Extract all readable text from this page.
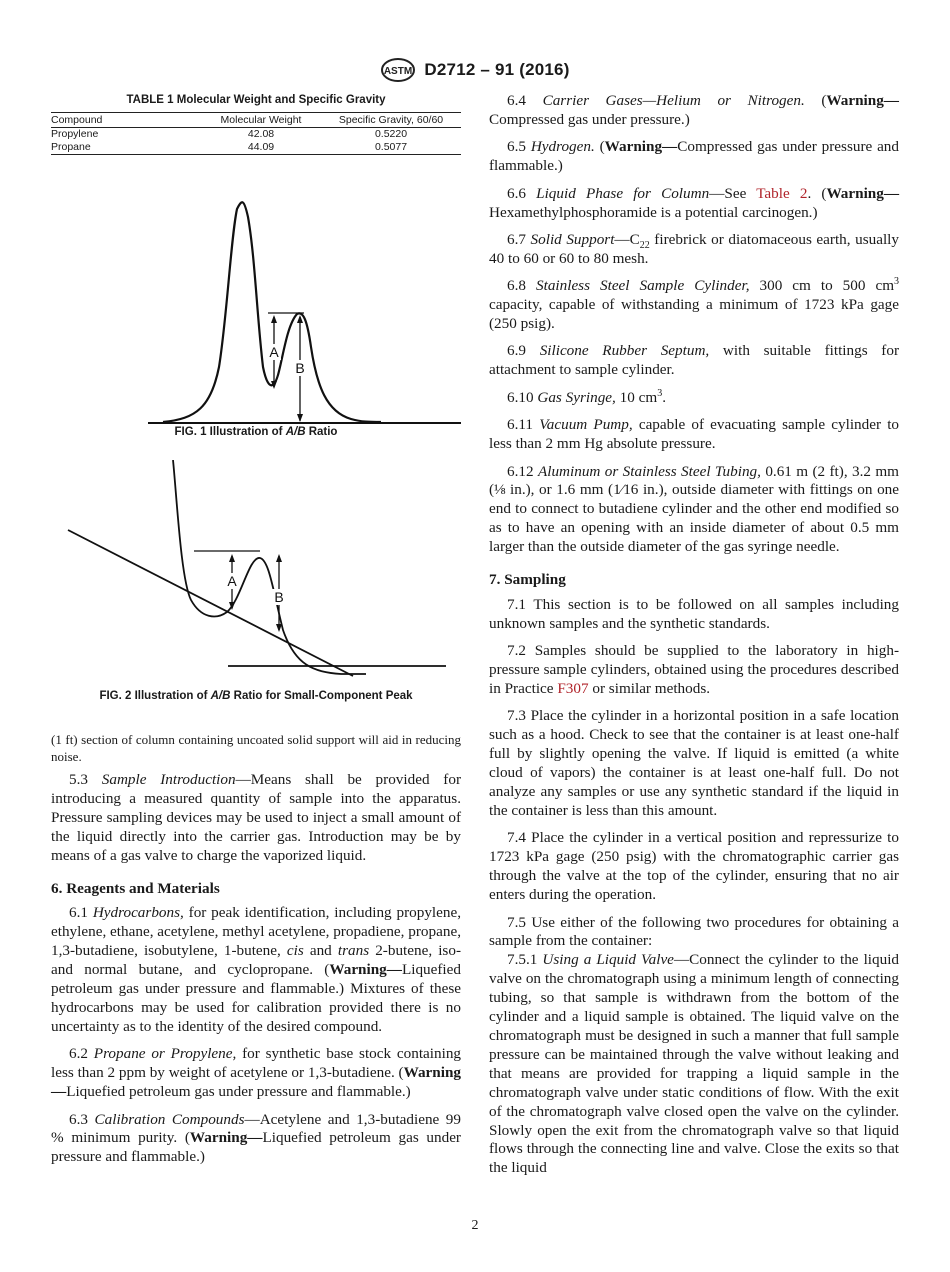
ASTM D2712 – 91 (2016)
TABLE 1 Molecular Weight and Specific Gravity
Compound	Molecular Weight	Specific Gravity, 60/60
Propylene	42.08	0.5220
Propane	44.09	0.5077
A
B
FIG. 1 Illustration of A/B Ratio
A
B
FIG. 2 Illustration of A/B Ratio for Small-Component Peak

(1 ft) section of column containing uncoated solid support will aid in reducing noise.

5.3 Sample Introduction—Means shall be provided for introducing a measured quantity of sample into the apparatus. Pressure sampling devices may be used to inject a small amount of the liquid directly into the carrier gas. Introduction may be by means of a gas valve to charge the vaporized liquid.

6. Reagents and Materials

6.1 Hydrocarbons, for peak identification, including propylene, ethylene, ethane, acetylene, methyl acetylene, propadiene, propane, 1,3-butadiene, isobutylene, 1-butene, cis and trans 2-butene, iso- and normal butane, and cyclopropane. (Warning—Liquefied petroleum gas under pressure and flammable.) Mixtures of these hydrocarbons may be used for calibration provided there is no uncertainty as to the identity of the desired compound.

6.2 Propane or Propylene, for synthetic base stock containing less than 2 ppm by weight of acetylene or 1,3-butadiene. (Warning—Liquefied petroleum gas under pressure and flammable.)

6.3 Calibration Compounds—Acetylene and 1,3-butadiene 99 % minimum purity. (Warning—Liquefied petroleum gas under pressure and flammable.)

6.4 Carrier Gases—Helium or Nitrogen. (Warning—Compressed gas under pressure.)

6.5 Hydrogen. (Warning—Compressed gas under pressure and flammable.)

6.6 Liquid Phase for Column—See Table 2. (Warning—Hexamethylphosphoramide is a potential carcinogen.)

6.7 Solid $Support—C_{22}$ firebrick or diatomaceous earth, usually 40 to 60 or 60 to 80 mesh.

6.8 Stainless Steel Sample Cylinder, 300 cm to 500 $cm^3$ capacity, capable of withstanding a minimum of 1723 kPa gage (250 psig).

6.9 Silicone Rubber Septum, with suitable fittings for attachment to sample cylinder.

6.10 Gas Syringe, 10 $cm^3$.

6.11 Vacuum Pump, capable of evacuating sample cylinder to less than 2 mm Hg absolute pressure.

6.12 Aluminum or Stainless Steel Tubing, 0.61 m (2 ft), 3.2 mm (⅛ in.), or 1.6 mm (1⁄16 in.), outside diameter with fittings on one end to connect to butadiene cylinder and the other end modified so as to have an opening with an inside diameter of about 0.5 mm larger than the outside diameter of the gas syringe needle.

7. Sampling

7.1 This section is to be followed on all samples including unknown samples and the synthetic standards.

7.2 Samples should be supplied to the laboratory in high-pressure sample cylinders, obtained using the procedures described in Practice F307 or similar methods.

7.3 Place the cylinder in a horizontal position in a safe location such as a hood. Check to see that the container is at least one-half full by slightly opening the valve. If liquid is emitted (a white cloud of vapors) the container is at least one-half full. Do not analyze any samples or use any synthetic standard if the liquid in the container is less than this amount.

7.4 Place the cylinder in a vertical position and repressurize to 1723 kPa gage (250 psig) with the chromatographic carrier gas through the valve at the top of the cylinder, ensuring that no air enters during the operation.

7.5 Use either of the following two procedures for obtaining a sample from the container:

7.5.1 Using a Liquid Valve—Connect the cylinder to the liquid valve on the chromatograph using a minimum length of connecting tubing, so that sample is withdrawn from the bottom of the cylinder and a liquid sample is obtained. The liquid valve on the chromatograph must be designed in such a manner that full sample pressure can be maintained through the valve without leaking and that means are provided for trapping a liquid sample in the chromatograph valve under static conditions of flow. With the exit of the chromatograph valve closed open the valve on the cylinder. Slowly open the exit from the chromatograph valve so that liquid flows through the connecting line and valve. Close the exits so that the liquid

2
